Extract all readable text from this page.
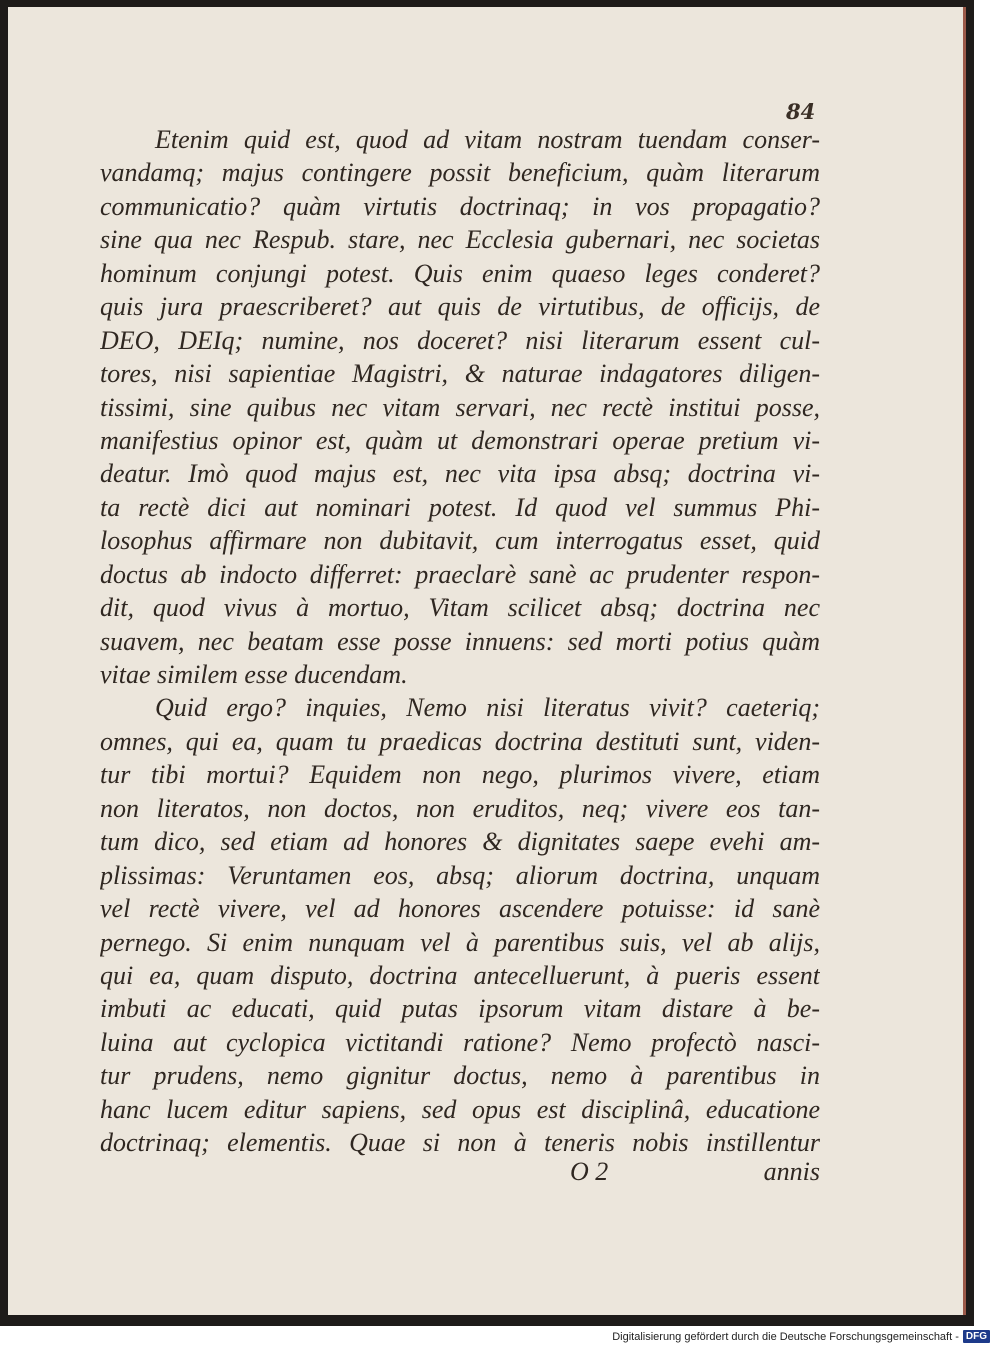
84
Etenim quid est, quod ad vitam nostram tuendam conser-
vandamq; majus contingere possit beneficium, quàm literarum
communicatio? quàm virtutis doctrinaq; in vos propagatio?
sine qua nec Respub. stare, nec Ecclesia gubernari, nec societas
hominum conjungi potest. Quis enim quaeso leges conderet?
quis jura praescriberet? aut quis de virtutibus, de officijs, de
DEO, DEIq; numine, nos doceret? nisi literarum essent cul-
tores, nisi sapientiae Magistri, & naturae indagatores diligen-
tissimi, sine quibus nec vitam servari, nec rectè institui posse,
manifestius opinor est, quàm ut demonstrari operae pretium vi-
deatur. Imò quod majus est, nec vita ipsa absq; doctrina vi-
ta rectè dici aut nominari potest. Id quod vel summus Phi-
losophus affirmare non dubitavit, cum interrogatus esset, quid
doctus ab indocto differret: praeclarè sanè ac prudenter respon-
dit, quod vivus à mortuo, Vitam scilicet absq; doctrina nec
suavem, nec beatam esse posse innuens: sed morti potius quàm
vitae similem esse ducendam.
Quid ergo? inquies, Nemo nisi literatus vivit? caeteriq;
omnes, qui ea, quam tu praedicas doctrina destituti sunt, viden-
tur tibi mortui? Equidem non nego, plurimos vivere, etiam
non literatos, non doctos, non eruditos, neq; vivere eos tan-
tum dico, sed etiam ad honores & dignitates saepe evehi am-
plissimas: Veruntamen eos, absq; aliorum doctrina, unquam
vel rectè vivere, vel ad honores ascendere potuisse: id sanè
pernego. Si enim nunquam vel à parentibus suis, vel ab alijs,
qui ea, quam disputo, doctrina antecelluerunt, à pueris essent
imbuti ac educati, quid putas ipsorum vitam distare à be-
luina aut cyclopica victitandi ratione? Nemo profectò nasci-
tur prudens, nemo gignitur doctus, nemo à parentibus in
hanc lucem editur sapiens, sed opus est disciplinâ, educatione
doctrinaq; elementis. Quae si non à teneris nobis instillentur
O 2	annis
Digitalisierung gefördert durch die Deutsche Forschungsgemeinschaft - DFG
